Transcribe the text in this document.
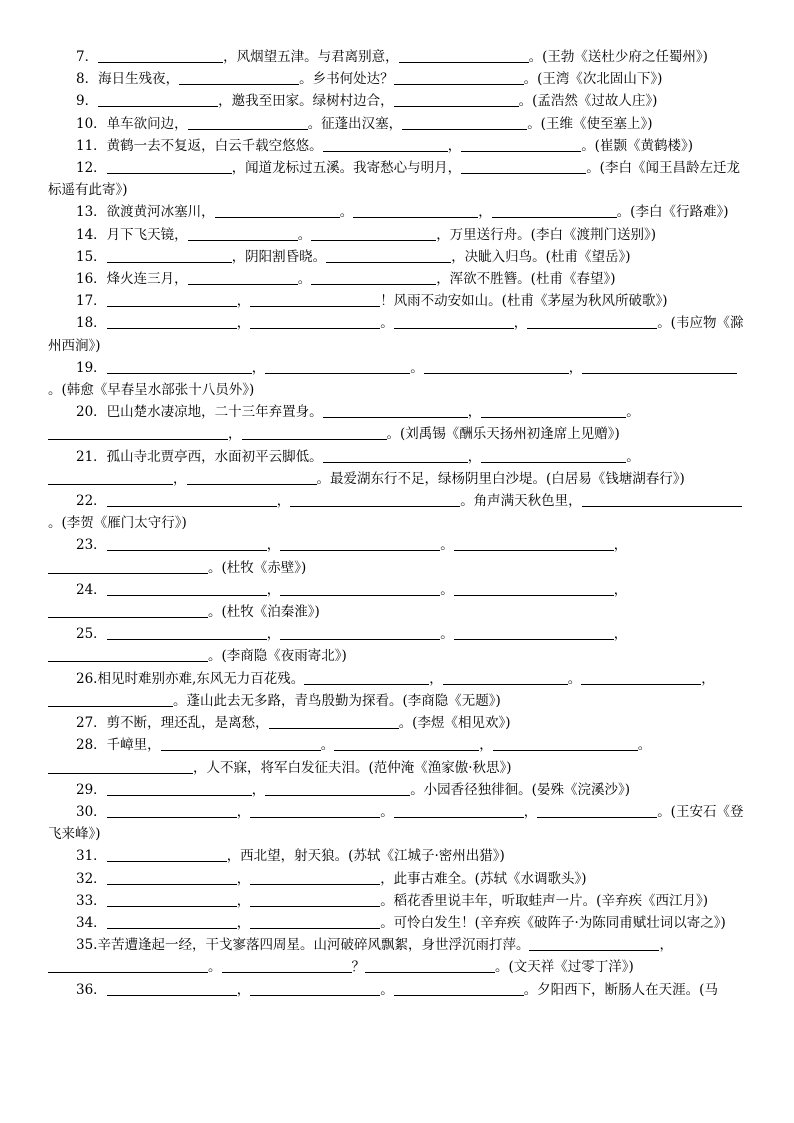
7．	，风烟望五津。与君离别意，	。(王勃《送杜少府之任蜀州》)

8．海日生残夜，	。乡书何处达？	。(王湾《次北固山下》)

9．	，邀我至田家。绿树村边合，	。(孟浩然《过故人庄》)

10．单车欲问边，	。征蓬出汉塞，	。(王维《使至塞上》)

11．黄鹤一去不复返，白云千载空悠悠。	，	。(崔颢《黄鹤楼》)

12．	，闻道龙标过五溪。我寄愁心与明月，	。(李白《闻王昌龄左迁龙标遥有此寄》)

13．欲渡黄河冰塞川，	。	，	。(李白《行路难》)

14．月下飞天镜，	。	，万里送行舟。(李白《渡荆门送别》)

15．	，阴阳割昏晓。	，决眦入归鸟。(杜甫《望岳》)

16．烽火连三月，	。	，浑欲不胜簪。(杜甫《春望》)

17．	，	！风雨不动安如山。(杜甫《茅屋为秋风所破歌》)

18．	，	。	，	。(韦应物《滁州西涧》)

19．	，	。	，。(韩愈《早春呈水部张十八员外》)

20．巴山楚水凄凉地，二十三年弃置身。	，	。，	。(刘禹锡《酬乐天扬州初逢席上见赠》)

21．孤山寺北贾亭西，水面初平云脚低。	，	。，	。最爱湖东行不足，绿杨阴里白沙堤。(白居易《钱塘湖春行》)

22．	，	。角声满天秋色里，。(李贺《雁门太守行》)

23．	，	。	，。(杜牧《赤壁》)

24．	，	。	，。(杜牧《泊秦淮》)

25．	，	。	，。(李商隐《夜雨寄北》)

26.相见时难别亦难,东风无力百花残。	，	。	，。蓬山此去无多路，青鸟殷勤为探看。(李商隐《无题》)

27．剪不断，理还乱，是离愁，	。(李煜《相见欢》)

28．千嶂里，	。	，	。，人不寐，将军白发征夫泪。(范仲淹《渔家傲·秋思》)

29．	，	。小园香径独徘徊。(晏殊《浣溪沙》)

30．	，	。	，	。(王安石《登飞来峰》)

31．	，西北望，射天狼。(苏轼《江城子·密州出猎》)

32．	，	，此事古难全。(苏轼《水调歌头》)

33．	，	。稻花香里说丰年，听取蛙声一片。(辛弃疾《西江月》)

34．	，	。可怜白发生！(辛弃疾《破阵子·为陈同甫赋壮词以寄之》)

35.辛苦遭逢起一经，干戈寥落四周星。山河破碎风飘絮，身世浮沉雨打萍。	，。	？	。(文天祥《过零丁洋》)

36．	，	。	。夕阳西下，断肠人在天涯。(马
